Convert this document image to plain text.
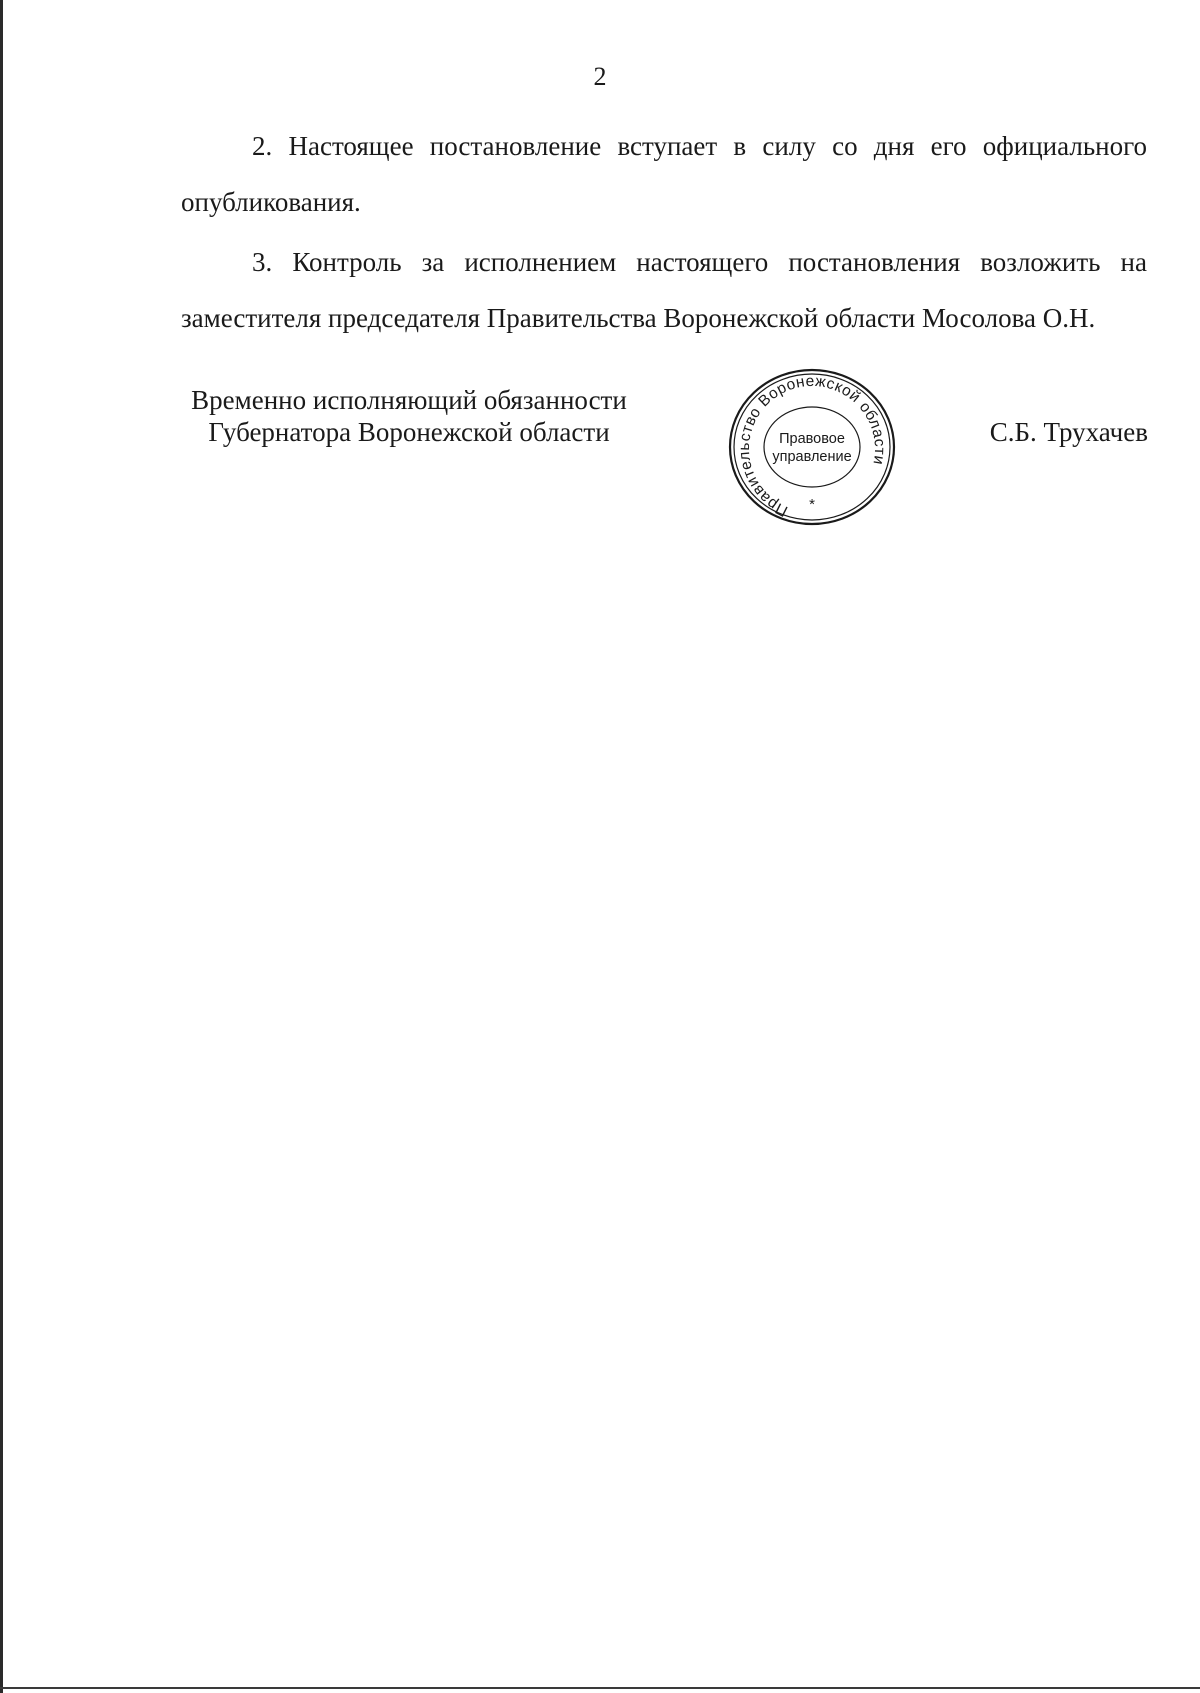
2

2. Настоящее постановление вступает в силу со дня его официального опубликования.

3. Контроль за исполнением настоящего постановления возложить на заместителя председателя Правительства Воронежской области Мосолова О.Н.

Временно исполняющий обязанности
Губернатора Воронежской области
Правительство Воронежской области
Правовое
управление
*
С.Б. Трухачев
